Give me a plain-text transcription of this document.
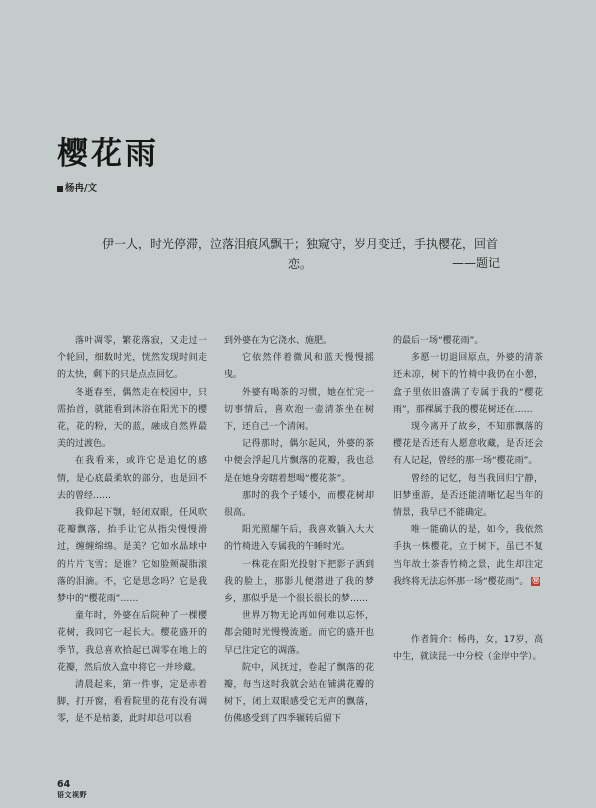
樱花雨
杨冉/文

伊一人，时光停滞，泣落泪痕风飘干；独窥守，岁月变迁，手执樱花，回首恋。	——题记

落叶凋零，繁花落寂，又走过一个轮回，细数时光，恍然发现时间走的太快，剩下的只是点点回忆。

冬逝春至，偶然走在校园中，只需抬首，就能看到沐浴在阳光下的樱花，花的粉，天的蓝，融成自然界最美的过渡色。

在我看来，或许它是追忆的感情，是心底最柔软的部分，也是回不去的曾经……

我仰起下颚，轻闭双眼，任风吹花瓣飘落，抬手让它从指尖慢慢滑过，缠缠绵绵。是美？它如水晶球中的片片飞雪；是谁？它如脸颊凝脂滚落的泪滴。不，它是思念吗？它是我梦中的“樱花雨”……

童年时，外婆在后院种了一棵樱花树，我同它一起长大。樱花盛开的季节，我总喜欢拾起已凋零在地上的花瓣，然后放入盒中将它一并珍藏。

清晨起来，第一件事，定是赤着脚，打开窗，看看院里的花有没有凋零，是不是枯萎，此时却总可以看

到外婆在为它浇水、施肥。

它依然伴着微风和蓝天慢慢摇曳。

外婆有喝茶的习惯，她在忙完一切事情后，喜欢泡一壶清茶坐在树下，还自己一个清闲。

记得那时，偶尔起风，外婆的茶中便会浮起几片飘落的花瓣，我也总是在她身旁瞎着想喝“樱花茶”。

那时的我个子矮小，而樱花树却很高。

阳光照耀午后，我喜欢躺入大大的竹椅进入专属我的午睡时光。

一株花在阳光投射下把影子洒到我的脸上，那影儿便潜进了我的梦乡，那似乎是一个很长很长的梦……

世界万物无论再如何难以忘怀，都会随时光慢慢流逝。而它的盛开也早已注定它的凋落。

院中，风抚过，卷起了飘落的花瓣，每当这时我就会站在铺满花瓣的树下，闭上双眼感受它无声的飘落，仿佛感受到了四季辗转后留下

的最后一场“樱花雨”。

多愿一切退回原点，外婆的清茶还未凉，树下的竹椅中我仍在小憩，盒子里依旧盛满了专属于我的“樱花雨”，那裸属于我的樱花树还在……

现今离开了故乡，不知那飘落的樱花是否还有人愿意收藏，是否还会有人记起，曾经的那一场“樱花雨”。

曾经的记忆，每当我回归宁静，旧梦重游，是否还能清晰忆起当年的情景，我早已不能确定。

唯一能确认的是，如今，我依然手执一株樱花，立于树下，虽已不复当年故土茶香竹椅之景，此生却注定我终将无法忘怀那一场“樱花雨”。 Ⓦ

作者简介：杨冉，女，17岁，高中生，就读昆一中分校（金岸中学）。

64
语文视野
